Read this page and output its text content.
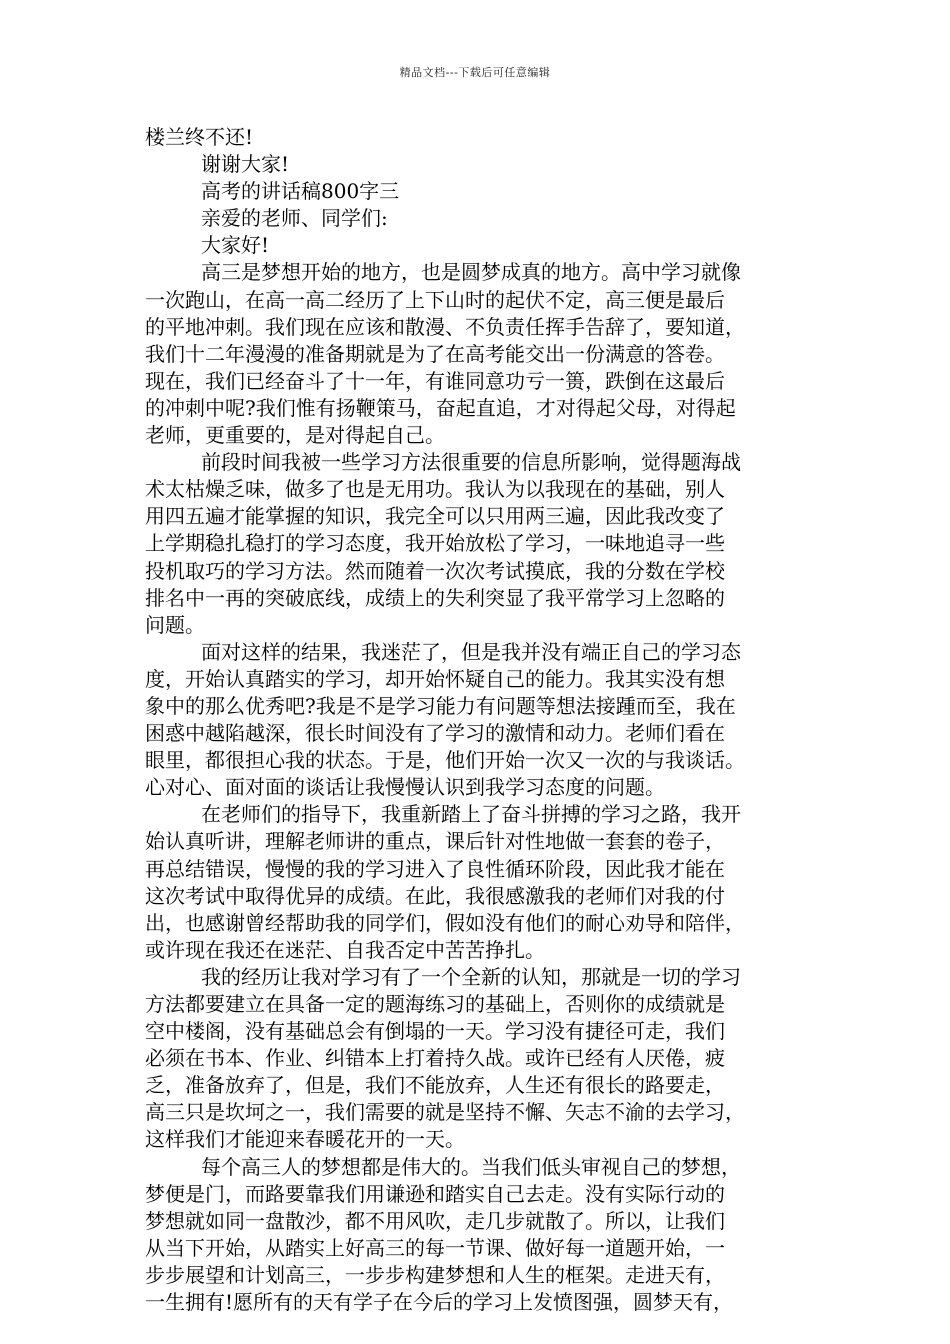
精品文档---下载后可任意编辑
楼兰终不还!
谢谢大家!
高考的讲话稿800字三
亲爱的老师、同学们:
大家好!
高三是梦想开始的地方，也是圆梦成真的地方。高中学习就像
一次跑山，在高一高二经历了上下山时的起伏不定，高三便是最后
的平地冲刺。我们现在应该和散漫、不负责任挥手告辞了，要知道，
我们十二年漫漫的准备期就是为了在高考能交出一份满意的答卷。
现在，我们已经奋斗了十一年，有谁同意功亏一篑，跌倒在这最后
的冲刺中呢?我们惟有扬鞭策马，奋起直追，才对得起父母，对得起
老师，更重要的，是对得起自己。
前段时间我被一些学习方法很重要的信息所影响，觉得题海战
术太枯燥乏味，做多了也是无用功。我认为以我现在的基础，别人
用四五遍才能掌握的知识，我完全可以只用两三遍，因此我改变了
上学期稳扎稳打的学习态度，我开始放松了学习，一味地追寻一些
投机取巧的学习方法。然而随着一次次考试摸底，我的分数在学校
排名中一再的突破底线，成绩上的失利突显了我平常学习上忽略的
问题。
面对这样的结果，我迷茫了，但是我并没有端正自己的学习态
度，开始认真踏实的学习，却开始怀疑自己的能力。我其实没有想
象中的那么优秀吧?我是不是学习能力有问题等想法接踵而至，我在
困惑中越陷越深，很长时间没有了学习的激情和动力。老师们看在
眼里，都很担心我的状态。于是，他们开始一次又一次的与我谈话。
心对心、面对面的谈话让我慢慢认识到我学习态度的问题。
在老师们的指导下，我重新踏上了奋斗拼搏的学习之路，我开
始认真听讲，理解老师讲的重点，课后针对性地做一套套的卷子，
再总结错误，慢慢的我的学习进入了良性循环阶段，因此我才能在
这次考试中取得优异的成绩。在此，我很感激我的老师们对我的付
出，也感谢曾经帮助我的同学们，假如没有他们的耐心劝导和陪伴，
或许现在我还在迷茫、自我否定中苦苦挣扎。
我的经历让我对学习有了一个全新的认知，那就是一切的学习
方法都要建立在具备一定的题海练习的基础上，否则你的成绩就是
空中楼阁，没有基础总会有倒塌的一天。学习没有捷径可走，我们
必须在书本、作业、纠错本上打着持久战。或许已经有人厌倦，疲
乏，准备放弃了，但是，我们不能放弃，人生还有很长的路要走，
高三只是坎坷之一，我们需要的就是坚持不懈、矢志不渝的去学习，
这样我们才能迎来春暖花开的一天。
每个高三人的梦想都是伟大的。当我们低头审视自己的梦想，
梦便是门，而路要靠我们用谦逊和踏实自己去走。没有实际行动的
梦想就如同一盘散沙，都不用风吹，走几步就散了。所以，让我们
从当下开始，从踏实上好高三的每一节课、做好每一道题开始，一
步步展望和计划高三，一步步构建梦想和人生的框架。走进天有，
一生拥有!愿所有的天有学子在今后的学习上发愤图强，圆梦天有，
